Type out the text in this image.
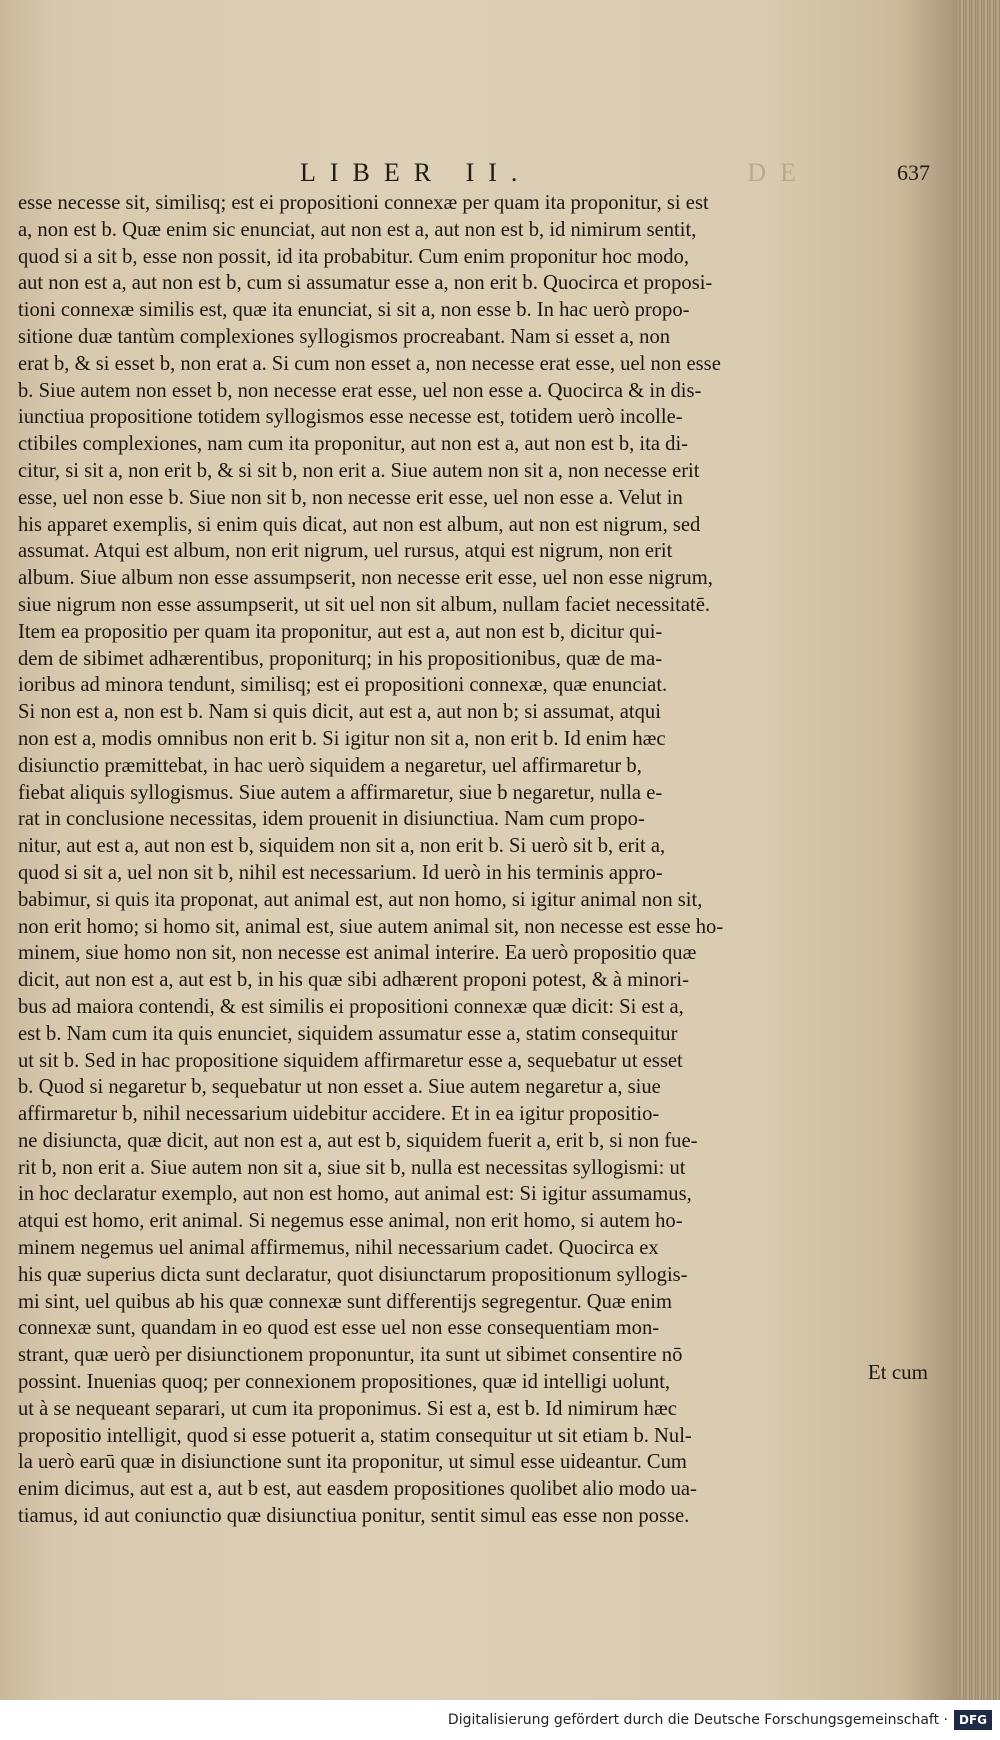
DE
LIBER II.	637
esse necesse sit, similisq; est ei propositioni connexæ per quam ita proponitur, si est
a, non est b. Quæ enim sic enunciat, aut non est a, aut non est b, id nimirum sentit,
quod si a sit b, esse non possit, id ita probabitur. Cum enim proponitur hoc modo,
aut non est a, aut non est b, cum si assumatur esse a, non erit b. Quocirca et proposi-
tioni connexæ similis est, quæ ita enunciat, si sit a, non esse b. In hac uerò propo-
sitione duæ tantùm complexiones syllogismos procreabant. Nam si esset a, non
erat b, & si esset b, non erat a. Si cum non esset a, non necesse erat esse, uel non esse
b. Siue autem non esset b, non necesse erat esse, uel non esse a. Quocirca & in dis-
iunctiua propositione totidem syllogismos esse necesse est, totidem uerò incolle-
ctibiles complexiones, nam cum ita proponitur, aut non est a, aut non est b, ita di-
citur, si sit a, non erit b, & si sit b, non erit a. Siue autem non sit a, non necesse erit
esse, uel non esse b. Siue non sit b, non necesse erit esse, uel non esse a. Velut in
his apparet exemplis, si enim quis dicat, aut non est album, aut non est nigrum, sed
assumat. Atqui est album, non erit nigrum, uel rursus, atqui est nigrum, non erit
album. Siue album non esse assumpserit, non necesse erit esse, uel non esse nigrum,
siue nigrum non esse assumpserit, ut sit uel non sit album, nullam faciet necessitatē.
Item ea propositio per quam ita proponitur, aut est a, aut non est b, dicitur qui-
dem de sibimet adhærentibus, proponiturq; in his propositionibus, quæ de ma-
ioribus ad minora tendunt, similisq; est ei propositioni connexæ, quæ enunciat.
Si non est a, non est b. Nam si quis dicit, aut est a, aut non b; si assumat, atqui
non est a, modis omnibus non erit b. Si igitur non sit a, non erit b. Id enim hæc
disiunctio præmittebat, in hac uerò siquidem a negaretur, uel affirmaretur b,
fiebat aliquis syllogismus. Siue autem a affirmaretur, siue b negaretur, nulla e-
rat in conclusione necessitas, idem prouenit in disiunctiua. Nam cum propo-
nitur, aut est a, aut non est b, siquidem non sit a, non erit b. Si uerò sit b, erit a,
quod si sit a, uel non sit b, nihil est necessarium. Id uerò in his terminis appro-
babimur, si quis ita proponat, aut animal est, aut non homo, si igitur animal non sit,
non erit homo; si homo sit, animal est, siue autem animal sit, non necesse est esse ho-
minem, siue homo non sit, non necesse est animal interire. Ea uerò propositio quæ
dicit, aut non est a, aut est b, in his quæ sibi adhærent proponi potest, & à minori-
bus ad maiora contendi, & est similis ei propositioni connexæ quæ dicit: Si est a,
est b. Nam cum ita quis enunciet, siquidem assumatur esse a, statim consequitur
ut sit b. Sed in hac propositione siquidem affirmaretur esse a, sequebatur ut esset
b. Quod si negaretur b, sequebatur ut non esset a. Siue autem negaretur a, siue
affirmaretur b, nihil necessarium uidebitur accidere. Et in ea igitur propositio-
ne disiuncta, quæ dicit, aut non est a, aut est b, siquidem fuerit a, erit b, si non fue-
rit b, non erit a. Siue autem non sit a, siue sit b, nulla est necessitas syllogismi: ut
in hoc declaratur exemplo, aut non est homo, aut animal est: Si igitur assumamus,
atqui est homo, erit animal. Si negemus esse animal, non erit homo, si autem ho-
minem negemus uel animal affirmemus, nihil necessarium cadet. Quocirca ex
his quæ superius dicta sunt declaratur, quot disiunctarum propositionum syllogis-
mi sint, uel quibus ab his quæ connexæ sunt differentijs segregentur. Quæ enim
connexæ sunt, quandam in eo quod est esse uel non esse consequentiam mon-
strant, quæ uerò per disiunctionem proponuntur, ita sunt ut sibimet consentire nō
possint. Inuenias quoq; per connexionem propositiones, quæ id intelligi uolunt,
ut à se nequeant separari, ut cum ita proponimus. Si est a, est b. Id nimirum hæc
propositio intelligit, quod si esse potuerit a, statim consequitur ut sit etiam b. Nul-
la uerò earū quæ in disiunctione sunt ita proponitur, ut simul esse uideantur. Cum
enim dicimus, aut est a, aut b est, aut easdem propositiones quolibet alio modo ua-
tiamus, id aut coniunctio quæ disiunctiua ponitur, sentit simul eas esse non posse.
Et cum
Digitalisierung gefördert durch die Deutsche Forschungsgemeinschaft · DFG
